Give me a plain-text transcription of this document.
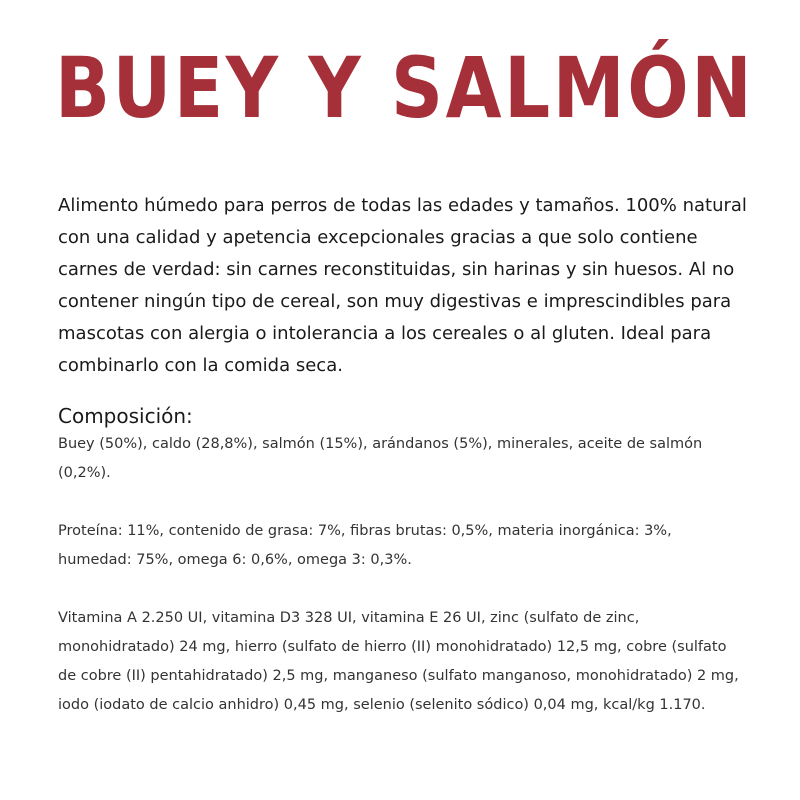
BUEY Y SALMÓN

Alimento húmedo para perros de todas las edades y tamaños. 100% natural con una calidad y apetencia excepcionales gracias a que solo contiene carnes de verdad: sin carnes reconstituidas, sin harinas y sin huesos. Al no contener ningún tipo de cereal, son muy digestivas e imprescindibles para mascotas con alergia o intolerancia a los cereales o al gluten. Ideal para combinarlo con la comida seca.

Composición:

Buey (50%), caldo (28,8%), salmón (15%), arándanos (5%), minerales, aceite de salmón (0,2%).

Proteína: 11%, contenido de grasa: 7%, fibras brutas: 0,5%, materia inorgánica: 3%, humedad: 75%, omega 6: 0,6%, omega 3: 0,3%.

Vitamina A 2.250 UI, vitamina D3 328 UI, vitamina E 26 UI, zinc (sulfato de zinc, monohidratado) 24 mg, hierro (sulfato de hierro (II) monohidratado) 12,5 mg, cobre (sulfato de cobre (II) pentahidratado) 2,5 mg, manganeso (sulfato manganoso, monohidratado) 2 mg, iodo (iodato de calcio anhidro) 0,45 mg, selenio (selenito sódico) 0,04 mg, kcal/kg 1.170.
